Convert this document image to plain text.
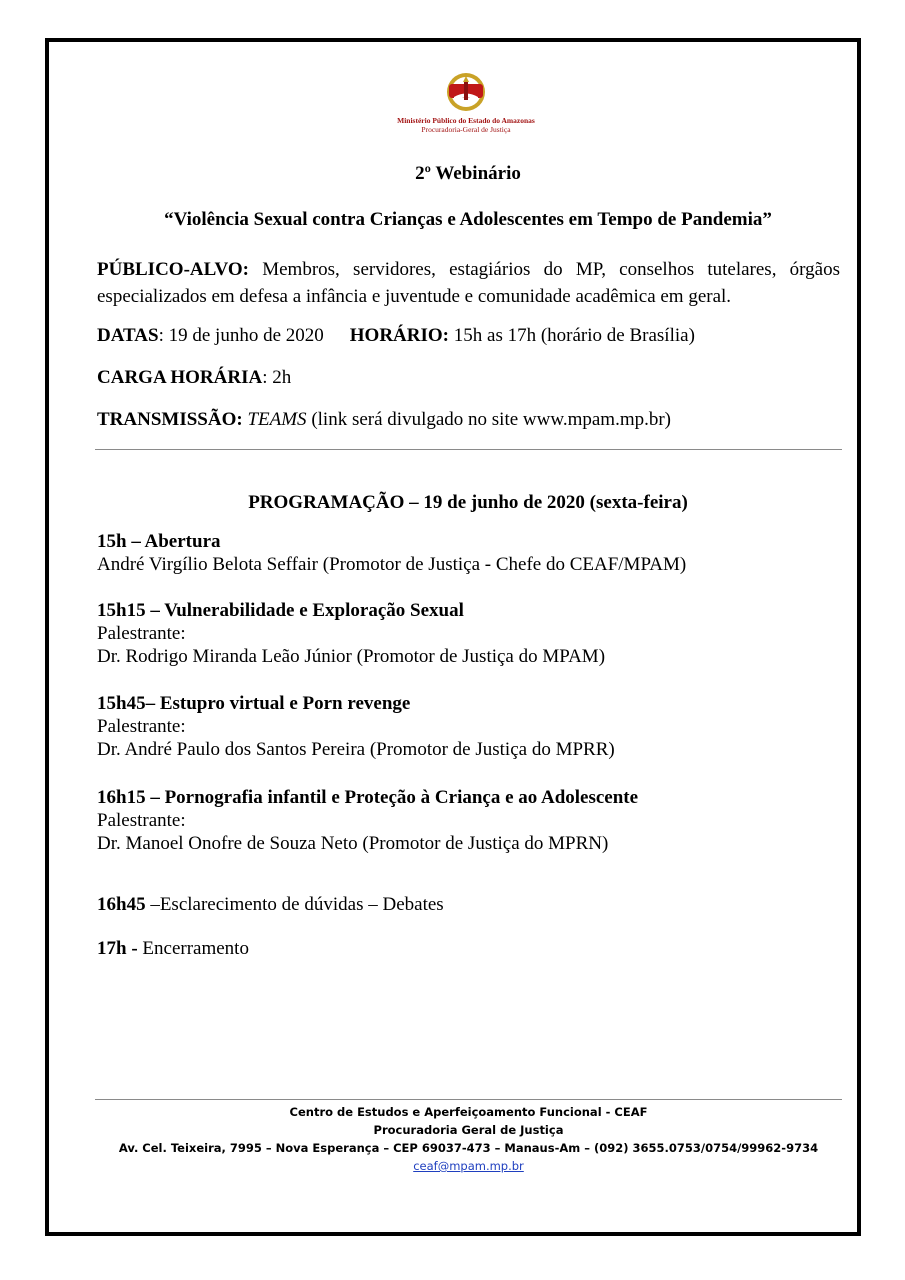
Ministério Público do Estado do Amazonas
Procuradoria-Geral de Justiça
2º Webinário
“Violência Sexual contra Crianças e Adolescentes em Tempo de Pandemia”
PÚBLICO-ALVO: Membros, servidores, estagiários do MP, conselhos tutelares, órgãos especializados em defesa a infância e juventude e comunidade acadêmica em geral.
DATAS: 19 de junho de 2020 HORÁRIO: 15h as 17h (horário de Brasília)
CARGA HORÁRIA: 2h
TRANSMISSÃO: TEAMS (link será divulgado no site www.mpam.mp.br)
PROGRAMAÇÃO – 19 de junho de 2020 (sexta-feira)
15h – Abertura
André Virgílio Belota Seffair (Promotor de Justiça - Chefe do CEAF/MPAM)
15h15 – Vulnerabilidade e Exploração Sexual
Palestrante:
Dr. Rodrigo Miranda Leão Júnior (Promotor de Justiça do MPAM)
15h45– Estupro virtual e Porn revenge
Palestrante:
Dr. André Paulo dos Santos Pereira (Promotor de Justiça do MPRR)
16h15 – Pornografia infantil e Proteção à Criança e ao Adolescente
Palestrante:
Dr. Manoel Onofre de Souza Neto (Promotor de Justiça do MPRN)
16h45 –Esclarecimento de dúvidas – Debates
17h - Encerramento
Centro de Estudos e Aperfeiçoamento Funcional - CEAF
Procuradoria Geral de Justiça
Av. Cel. Teixeira, 7995 – Nova Esperança – CEP 69037-473 – Manaus-Am – (092) 3655.0753/0754/99962-9734
ceaf@mpam.mp.br
